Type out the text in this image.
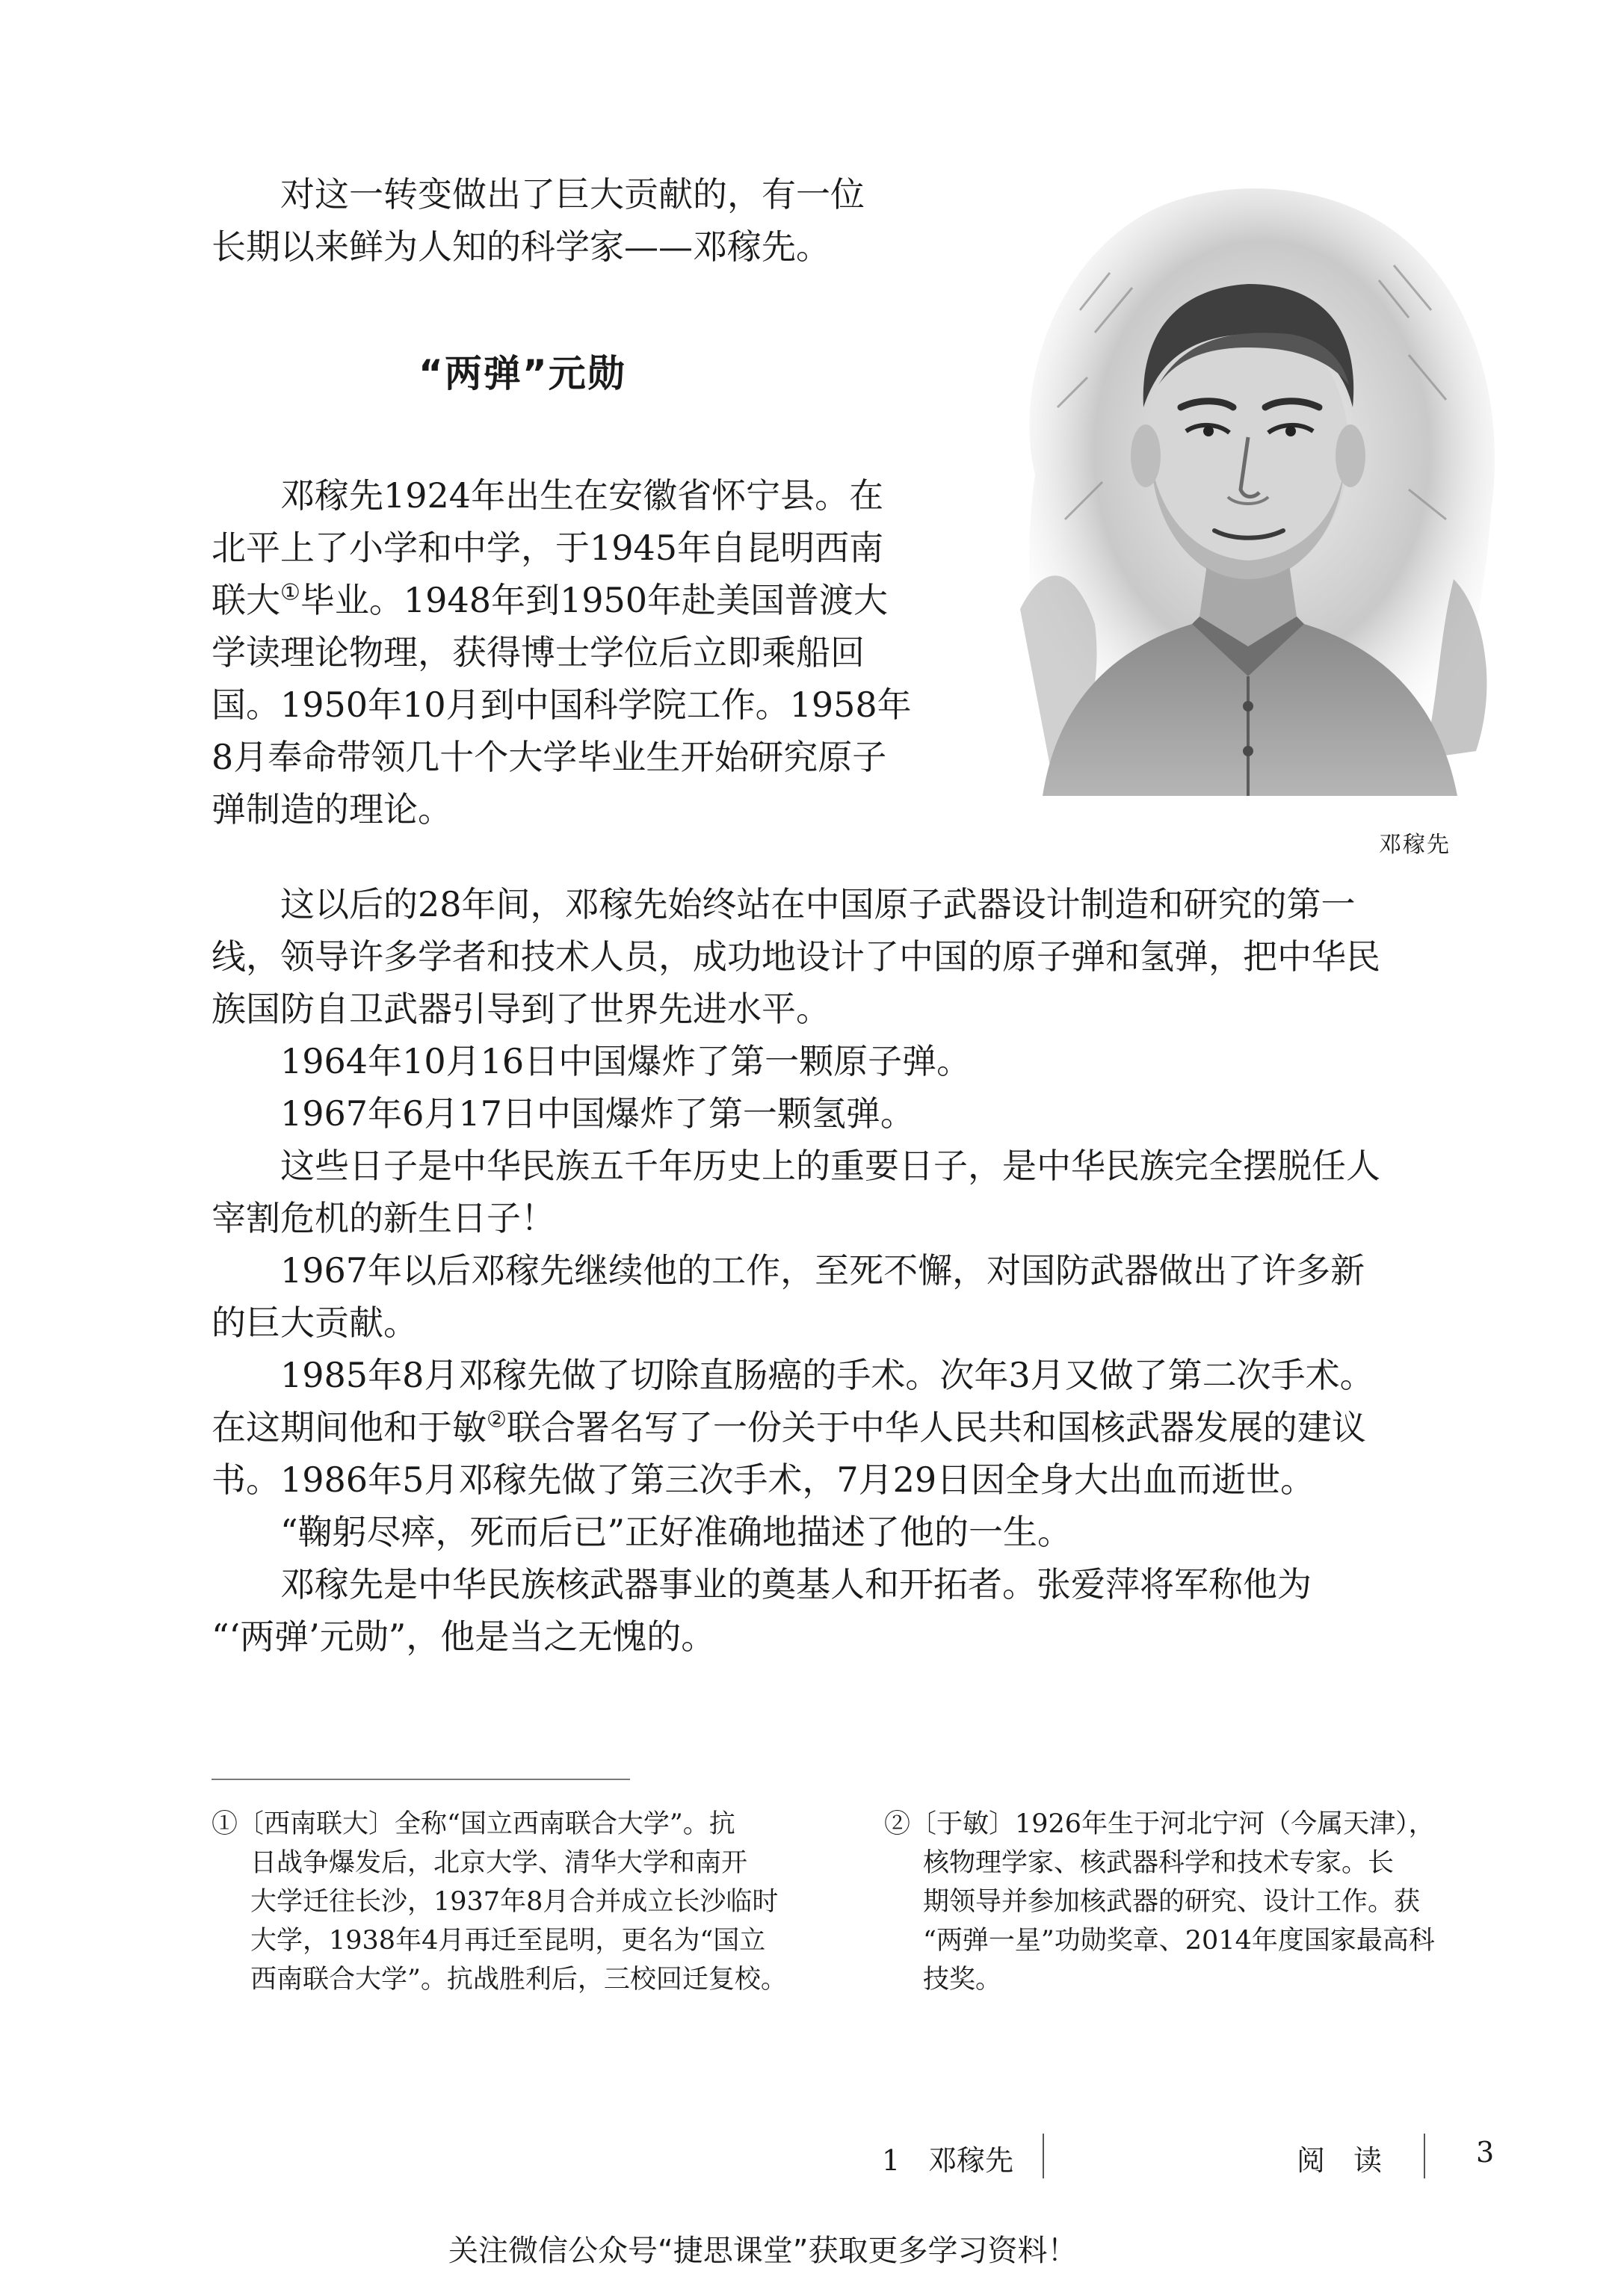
对这一转变做出了巨大贡献的，有一位
长期以来鲜为人知的科学家——邓稼先。

“两弹”元勋
邓稼先

邓稼先1924年出生在安徽省怀宁县。在
北平上了小学和中学，于1945年自昆明西南
联大①毕业。1948年到1950年赴美国普渡大
学读理论物理，获得博士学位后立即乘船回
国。1950年10月到中国科学院工作。1958年
8月奉命带领几十个大学毕业生开始研究原子
弹制造的理论。

这以后的28年间，邓稼先始终站在中国原子武器设计制造和研究的第一
线，领导许多学者和技术人员，成功地设计了中国的原子弹和氢弹，把中华民
族国防自卫武器引导到了世界先进水平。

1964年10月16日中国爆炸了第一颗原子弹。

1967年6月17日中国爆炸了第一颗氢弹。

这些日子是中华民族五千年历史上的重要日子，是中华民族完全摆脱任人
宰割危机的新生日子！

1967年以后邓稼先继续他的工作，至死不懈，对国防武器做出了许多新
的巨大贡献。

1985年8月邓稼先做了切除直肠癌的手术。次年3月又做了第二次手术。
在这期间他和于敏②联合署名写了一份关于中华人民共和国核武器发展的建议
书。1986年5月邓稼先做了第三次手术，7月29日因全身大出血而逝世。

“鞠躬尽瘁，死而后已”正好准确地描述了他的一生。

邓稼先是中华民族核武器事业的奠基人和开拓者。张爱萍将军称他为
“‘两弹’元勋”，他是当之无愧的。

①〔西南联大〕全称“国立西南联合大学”。抗
日战争爆发后，北京大学、清华大学和南开
大学迁往长沙，1937年8月合并成立长沙临时
大学，1938年4月再迁至昆明，更名为“国立
西南联合大学”。抗战胜利后，三校回迁复校。

②〔于敏〕1926年生于河北宁河（今属天津），
核物理学家、核武器科学和技术专家。长
期领导并参加核武器的研究、设计工作。获
“两弹一星”功勋奖章、2014年度国家最高科
技奖。

1　邓稼先	阅　读	3
关注微信公众号“捷思课堂”获取更多学习资料！
